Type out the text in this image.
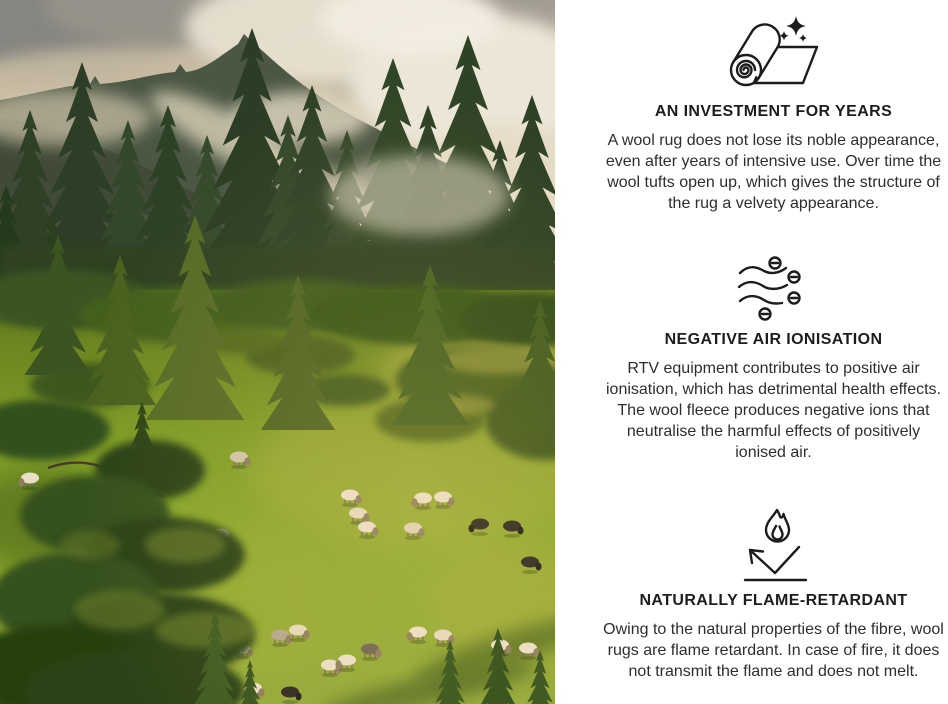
AN INVESTMENT FOR YEARS

A wool rug does not lose its noble appearance, even after years of intensive use. Over time the wool tufts open up, which gives the structure of the rug a velvety appearance.

NEGATIVE AIR IONISATION

RTV equipment contributes to positive air ionisation, which has detrimental health effects. The wool fleece produces negative ions that neutralise the harmful effects of positively ionised air.

NATURALLY FLAME-RETARDANT

Owing to the natural properties of the fibre, wool rugs are flame retardant. In case of fire, it does not transmit the flame and does not melt.
